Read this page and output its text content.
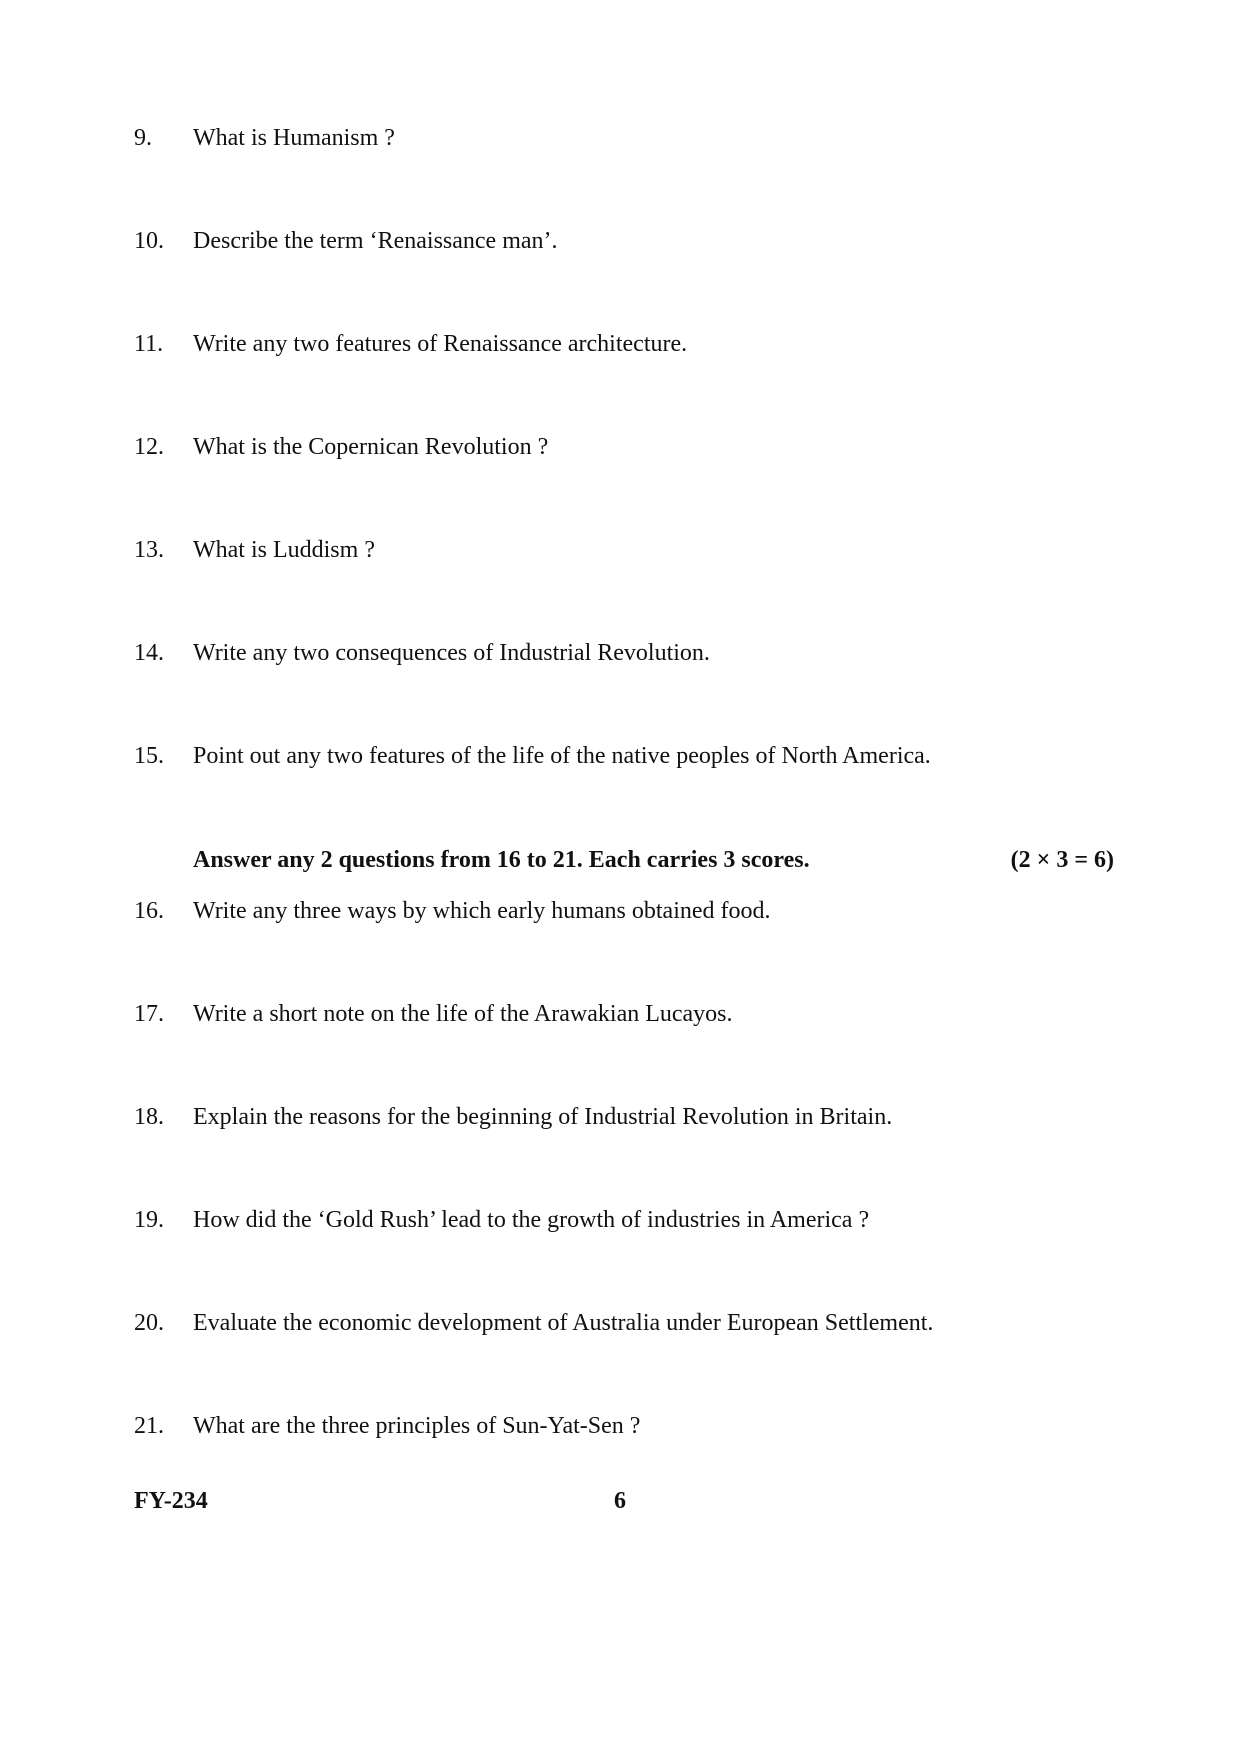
9. What is Humanism ?
10. Describe the term ‘Renaissance man’.
11. Write any two features of Renaissance architecture.
12. What is the Copernican Revolution ?
13. What is Luddism ?
14. Write any two consequences of Industrial Revolution.
15. Point out any two features of the life of the native peoples of North America.
Answer any 2 questions from 16 to 21. Each carries 3 scores.	(2 × 3 = 6)
16. Write any three ways by which early humans obtained food.
17. Write a short note on the life of the Arawakian Lucayos.
18. Explain the reasons for the beginning of Industrial Revolution in Britain.
19. How did the ‘Gold Rush’ lead to the growth of industries in America ?
20. Evaluate the economic development of Australia under European Settlement.
21. What are the three principles of Sun-Yat-Sen ?
FY-234	6
